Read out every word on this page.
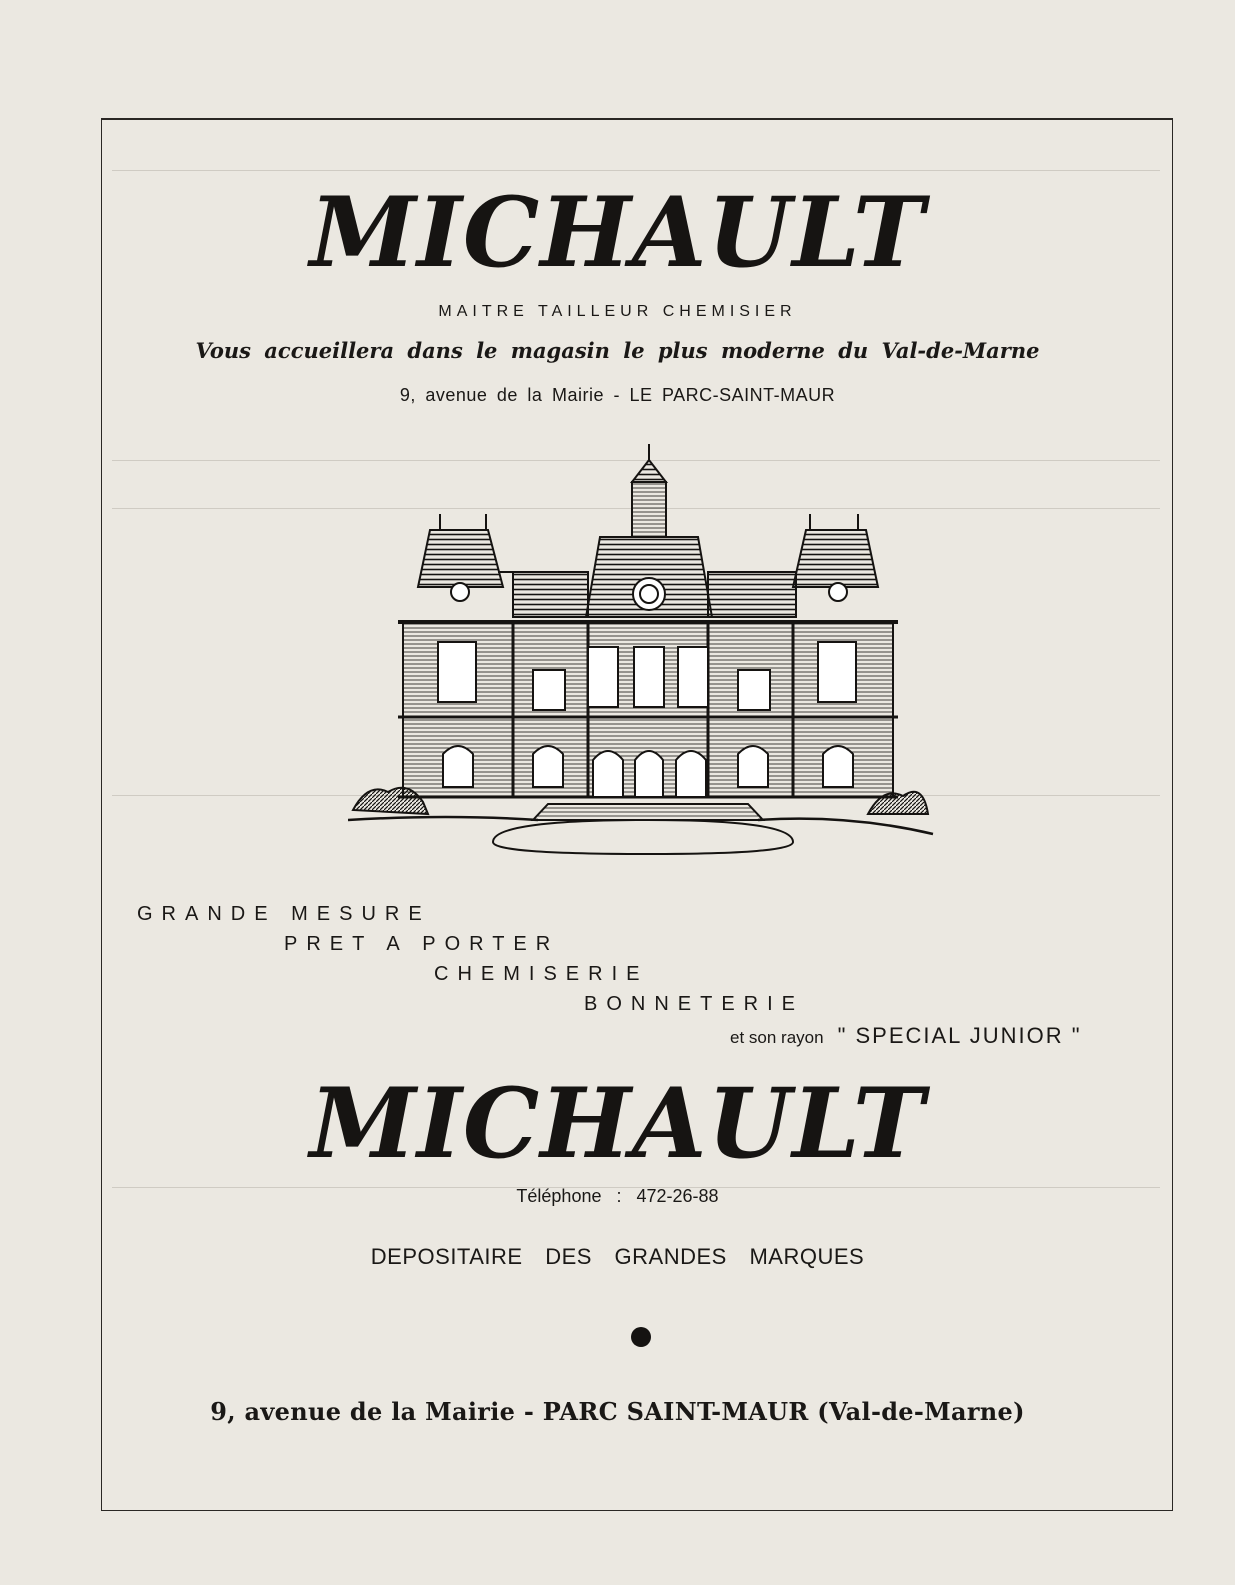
MICHAULT
MAITRE TAILLEUR CHEMISIER
Vous accueillera dans le magasin le plus moderne du Val-de-Marne
9, avenue de la Mairie - LE PARC-SAINT-MAUR
GRANDE MESURE
PRET A PORTER
CHEMISERIE
BONNETERIE
et son rayon " SPECIAL JUNIOR "
MICHAULT
Téléphone : 472-26-88
DEPOSITAIRE DES GRANDES MARQUES
9, avenue de la Mairie - PARC SAINT-MAUR (Val-de-Marne)
